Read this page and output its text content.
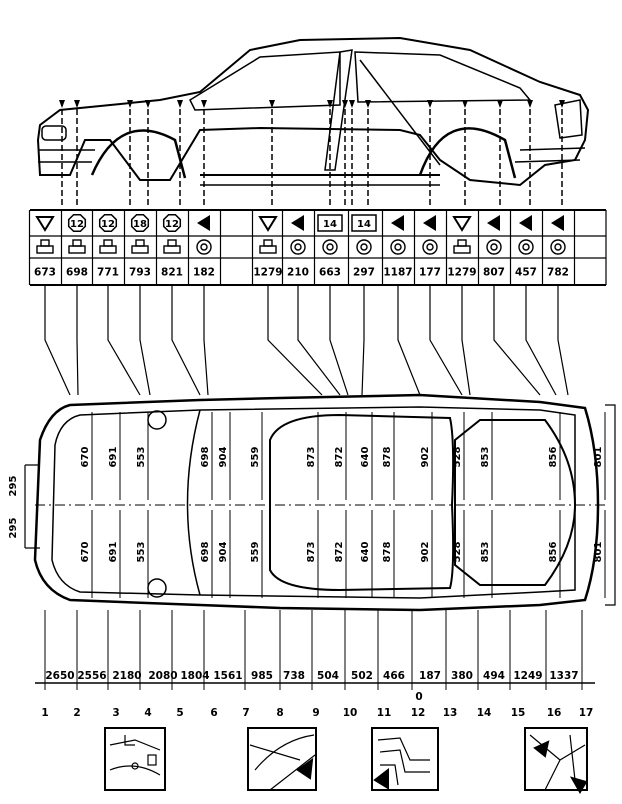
12 12 18 12	14 14
673 698 771 793 821 182	1279 210 663 297 1187 177 1279 807 457 782
670 691 553	698 904 559	873 872 640 878	902 528 853	856	801
670 691 553	698 904 559	873 872 640 878	902 528 853	856	801
295
295
2650 2556 2180 2080 1804 1561 985 738 504 502 466 187 380 494 1249 1337
0
1 2	3 4 5	6 7	8	9 10 11 12 13 14 15 16 17
